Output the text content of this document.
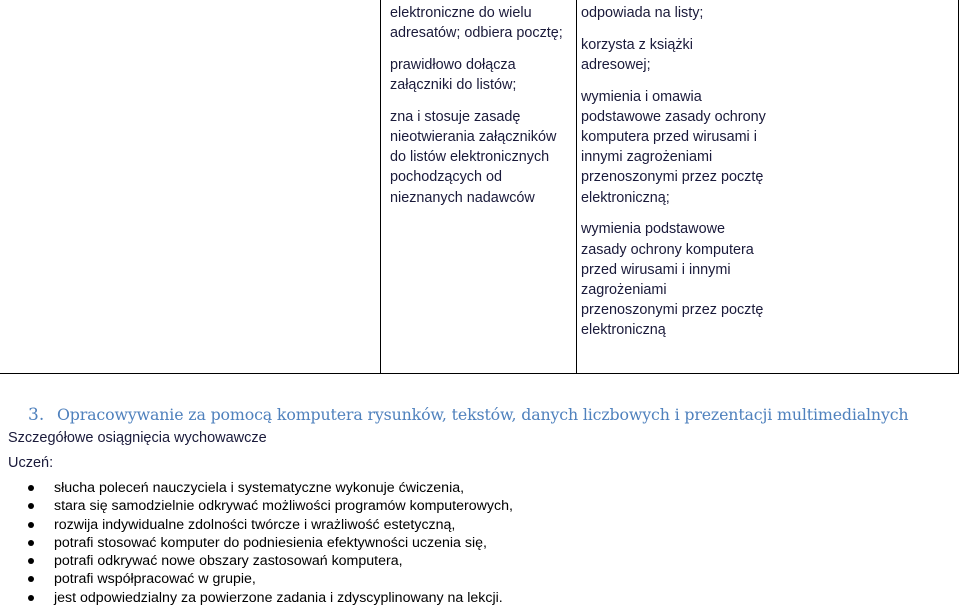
elektroniczne do wielu adresatów; odbiera pocztę;

prawidłowo dołącza załączniki do listów;

zna i stosuje zasadę nieotwierania załączników do listów elektronicznych pochodzących od nieznanych nadawców

odpowiada na listy;

korzysta z książki adresowej;

wymienia i omawia podstawowe zasady ochrony komputera przed wirusami i innymi zagrożeniami przenoszonymi przez pocztę elektroniczną;

wymienia podstawowe zasady ochrony komputera przed wirusami i innymi zagrożeniami przenoszonymi przez pocztę elektroniczną

3. Opracowywanie za pomocą komputera rysunków, tekstów, danych liczbowych i prezentacji multimedialnych
Szczegółowe osiągnięcia wychowawcze
Uczeń:
słucha poleceń nauczyciela i systematyczne wykonuje ćwiczenia,
stara się samodzielnie odkrywać możliwości programów komputerowych,
rozwija indywidualne zdolności twórcze i wrażliwość estetyczną,
potrafi stosować komputer do podniesienia efektywności uczenia się,
potrafi odkrywać nowe obszary zastosowań komputera,
potrafi współpracować w grupie,
jest odpowiedzialny za powierzone zadania i zdyscyplinowany na lekcji.
